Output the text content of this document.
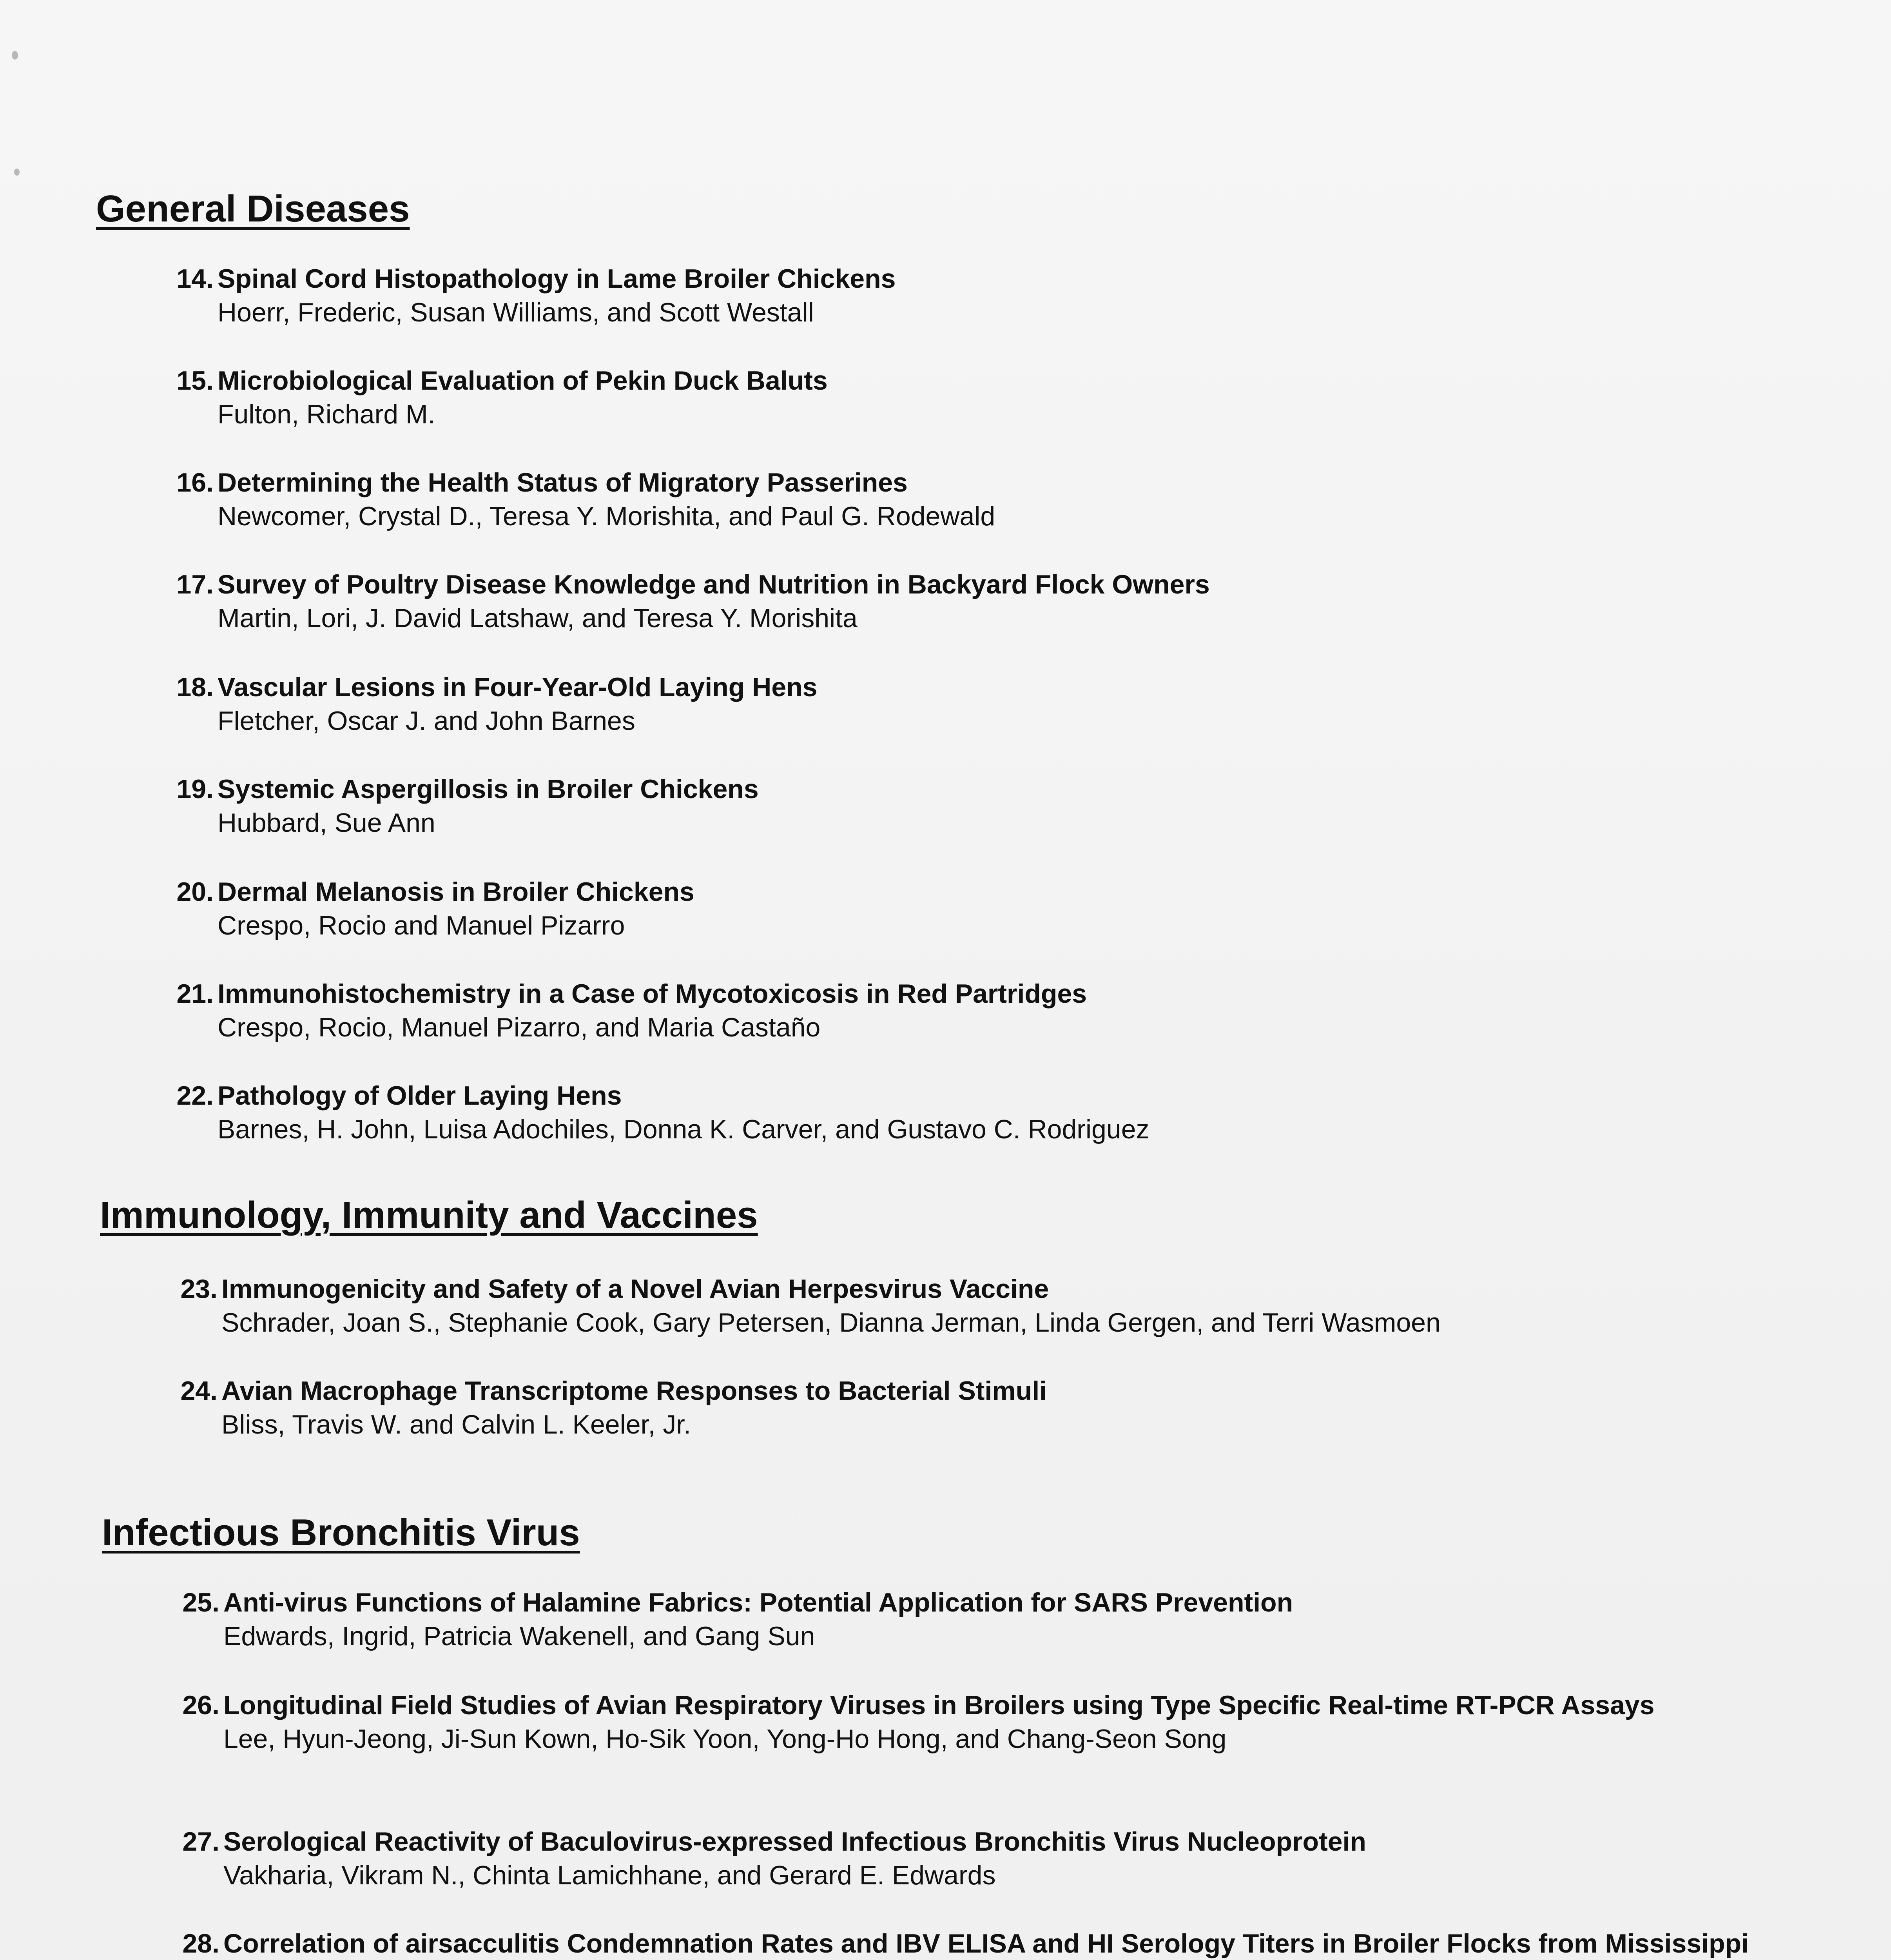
General Diseases
14. Spinal Cord Histopathology in Lame Broiler Chickens
Hoerr, Frederic, Susan Williams, and Scott Westall
15. Microbiological Evaluation of Pekin Duck Baluts
Fulton, Richard M.
16. Determining the Health Status of Migratory Passerines
Newcomer, Crystal D., Teresa Y. Morishita, and Paul G. Rodewald
17. Survey of Poultry Disease Knowledge and Nutrition in Backyard Flock Owners
Martin, Lori, J. David Latshaw, and Teresa Y. Morishita
18. Vascular Lesions in Four-Year-Old Laying Hens
Fletcher, Oscar J. and John Barnes
19. Systemic Aspergillosis in Broiler Chickens
Hubbard, Sue Ann
20. Dermal Melanosis in Broiler Chickens
Crespo, Rocio and Manuel Pizarro
21. Immunohistochemistry in a Case of Mycotoxicosis in Red Partridges
Crespo, Rocio, Manuel Pizarro, and Maria Castaño
22. Pathology of Older Laying Hens
Barnes, H. John, Luisa Adochiles, Donna K. Carver, and Gustavo C. Rodriguez
Immunology, Immunity and Vaccines
23. Immunogenicity and Safety of a Novel Avian Herpesvirus Vaccine
Schrader, Joan S., Stephanie Cook, Gary Petersen, Dianna Jerman, Linda Gergen, and Terri Wasmoen
24. Avian Macrophage Transcriptome Responses to Bacterial Stimuli
Bliss, Travis W. and Calvin L. Keeler, Jr.
Infectious Bronchitis Virus
25. Anti-virus Functions of Halamine Fabrics: Potential Application for SARS Prevention
Edwards, Ingrid, Patricia Wakenell, and Gang Sun
26. Longitudinal Field Studies of Avian Respiratory Viruses in Broilers using Type Specific Real-time RT-PCR Assays
Lee, Hyun-Jeong, Ji-Sun Kown, Ho-Sik Yoon, Yong-Ho Hong, and Chang-Seon Song
27. Serological Reactivity of Baculovirus-expressed Infectious Bronchitis Virus Nucleoprotein
Vakharia, Vikram N., Chinta Lamichhane, and Gerard E. Edwards
28. Correlation of airsacculitis Condemnation Rates and IBV ELISA and HI Serology Titers in Broiler Flocks from Mississippi
